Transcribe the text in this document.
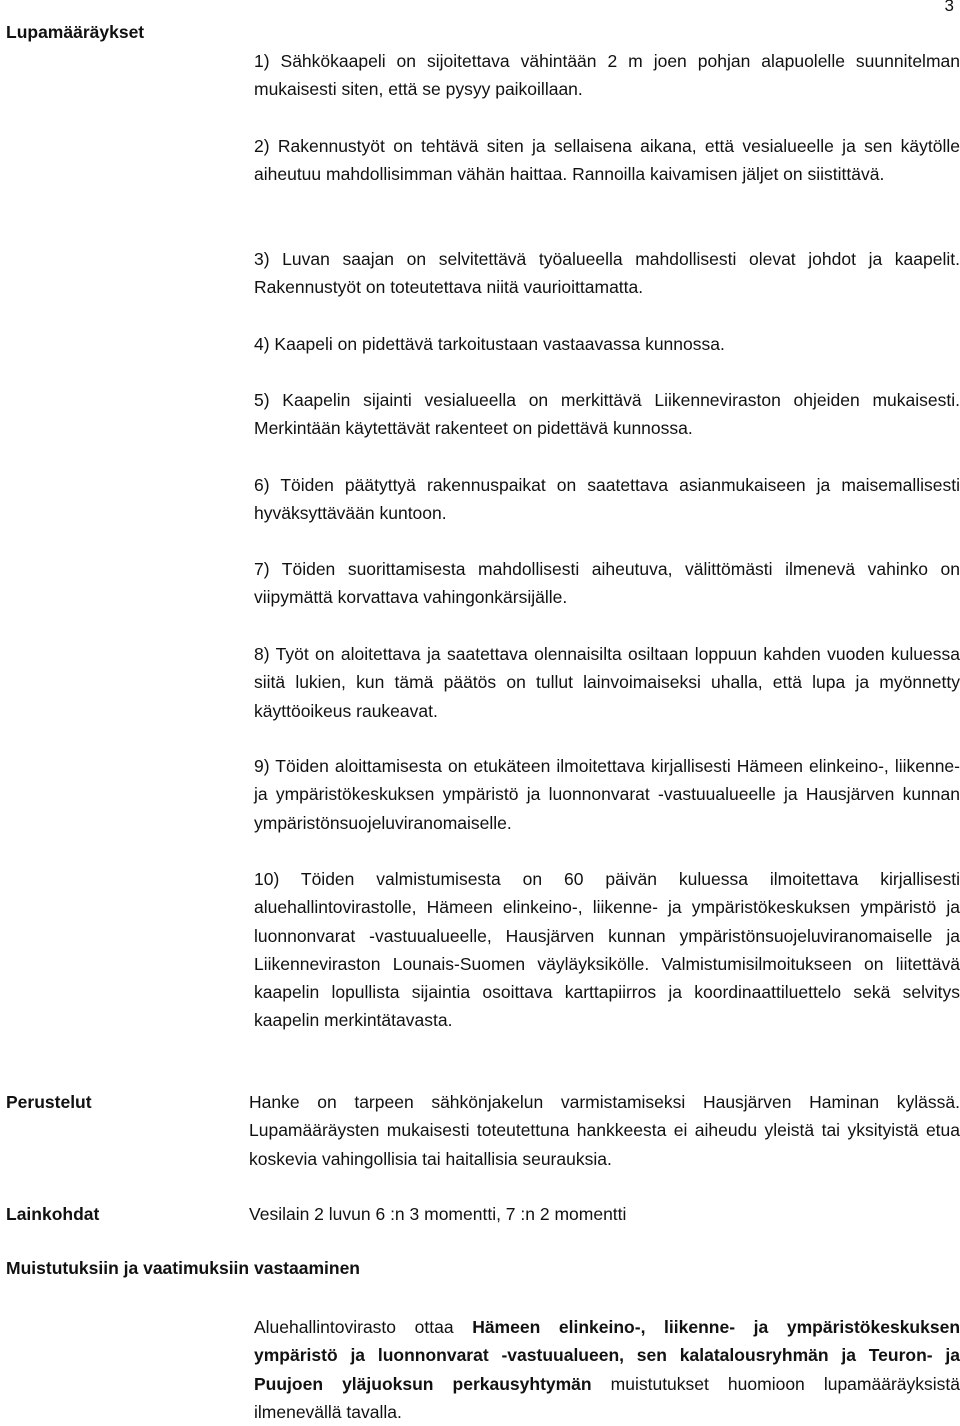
3
Lupamääräykset

1) Sähkökaapeli on sijoitettava vähintään 2 m joen pohjan alapuolelle suunnitelman mukaisesti siten, että se pysyy paikoillaan.

2) Rakennustyöt on tehtävä siten ja sellaisena aikana, että vesialueelle ja sen käytölle aiheutuu mahdollisimman vähän haittaa. Rannoilla kaivamisen jäljet on siistittävä.

3) Luvan saajan on selvitettävä työalueella mahdollisesti olevat johdot ja kaapelit. Rakennustyöt on toteutettava niitä vaurioittamatta.

4) Kaapeli on pidettävä tarkoitustaan vastaavassa kunnossa.

5) Kaapelin sijainti vesialueella on merkittävä Liikenneviraston ohjeiden mukaisesti. Merkintään käytettävät rakenteet on pidettävä kunnossa.

6) Töiden päätyttyä rakennuspaikat on saatettava asianmukaiseen ja maisemallisesti hyväksyttävään kuntoon.

7) Töiden suorittamisesta mahdollisesti aiheutuva, välittömästi ilmenevä vahinko on viipymättä korvattava vahingonkärsijälle.

8) Työt on aloitettava ja saatettava olennaisilta osiltaan loppuun kahden vuoden kuluessa siitä lukien, kun tämä päätös on tullut lainvoimaiseksi uhalla, että lupa ja myönnetty käyttöoikeus raukeavat.

9) Töiden aloittamisesta on etukäteen ilmoitettava kirjallisesti Hämeen elinkeino-, liikenne- ja ympäristökeskuksen ympäristö ja luonnonvarat -vastuualueelle ja Hausjärven kunnan ympäristönsuojeluviranomaiselle.

10) Töiden valmistumisesta on 60 päivän kuluessa ilmoitettava kirjallisesti aluehallintovirastolle, Hämeen elinkeino-, liikenne- ja ympäristökeskuksen ympäristö ja luonnonvarat -vastuualueelle, Hausjärven kunnan ympäristönsuojeluviranomaiselle ja Liikenneviraston Lounais-Suomen väyläyksikölle. Valmistumisilmoitukseen on liitettävä kaapelin lopullista sijaintia osoittava karttapiirros ja koordinaattiluettelo sekä selvitys kaapelin merkintätavasta.

Perustelut	Hanke on tarpeen sähkönjakelun varmistamiseksi Hausjärven Haminan kylässä. Lupamääräysten mukaisesti toteutettuna hankkeesta ei aiheudu yleistä tai yksityistä etua koskevia vahingollisia tai haitallisia seurauksia.

Lainkohdat	Vesilain 2 luvun 6 :n 3 momentti, 7 :n 2 momentti

Muistutuksiin ja vaatimuksiin vastaaminen
Aluehallintovirasto ottaa Hämeen elinkeino-, liikenne- ja ympäristökeskuksen ympäristö ja luonnonvarat -vastuualueen, sen kalatalousryhmän ja Teuron- ja Puujoen yläjuoksun perkausyhtymän muistutukset huomioon lupamääräyksistä ilmenevällä tavalla.
